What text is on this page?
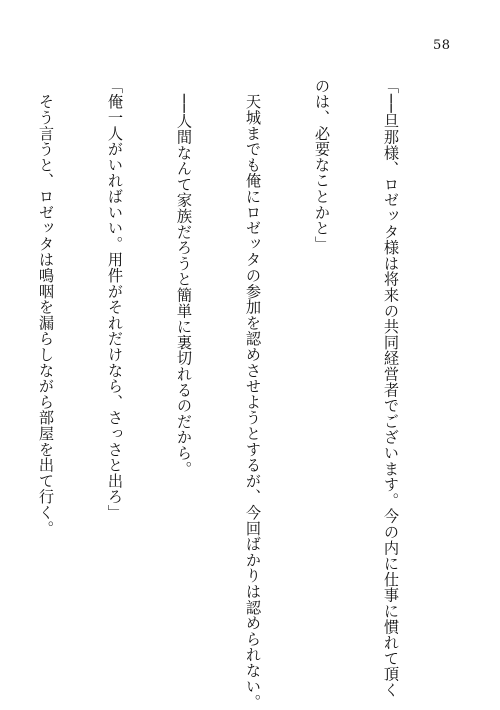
58

「──旦那様、ロゼッタ様は将来の共同経営者でございます。今の内に仕事に慣れて頂く

のは、必要なことかと」

　天城までも俺にロゼッタの参加を認めさせようとするが、今回ばかりは認められない。

　──人間なんて家族だろうと簡単に裏切れるのだから。

「俺一人がいればいい。用件がそれだけなら、さっさと出ろ」

　そう言うと、ロゼッタは鳴咽を漏らしながら部屋を出て行く。
